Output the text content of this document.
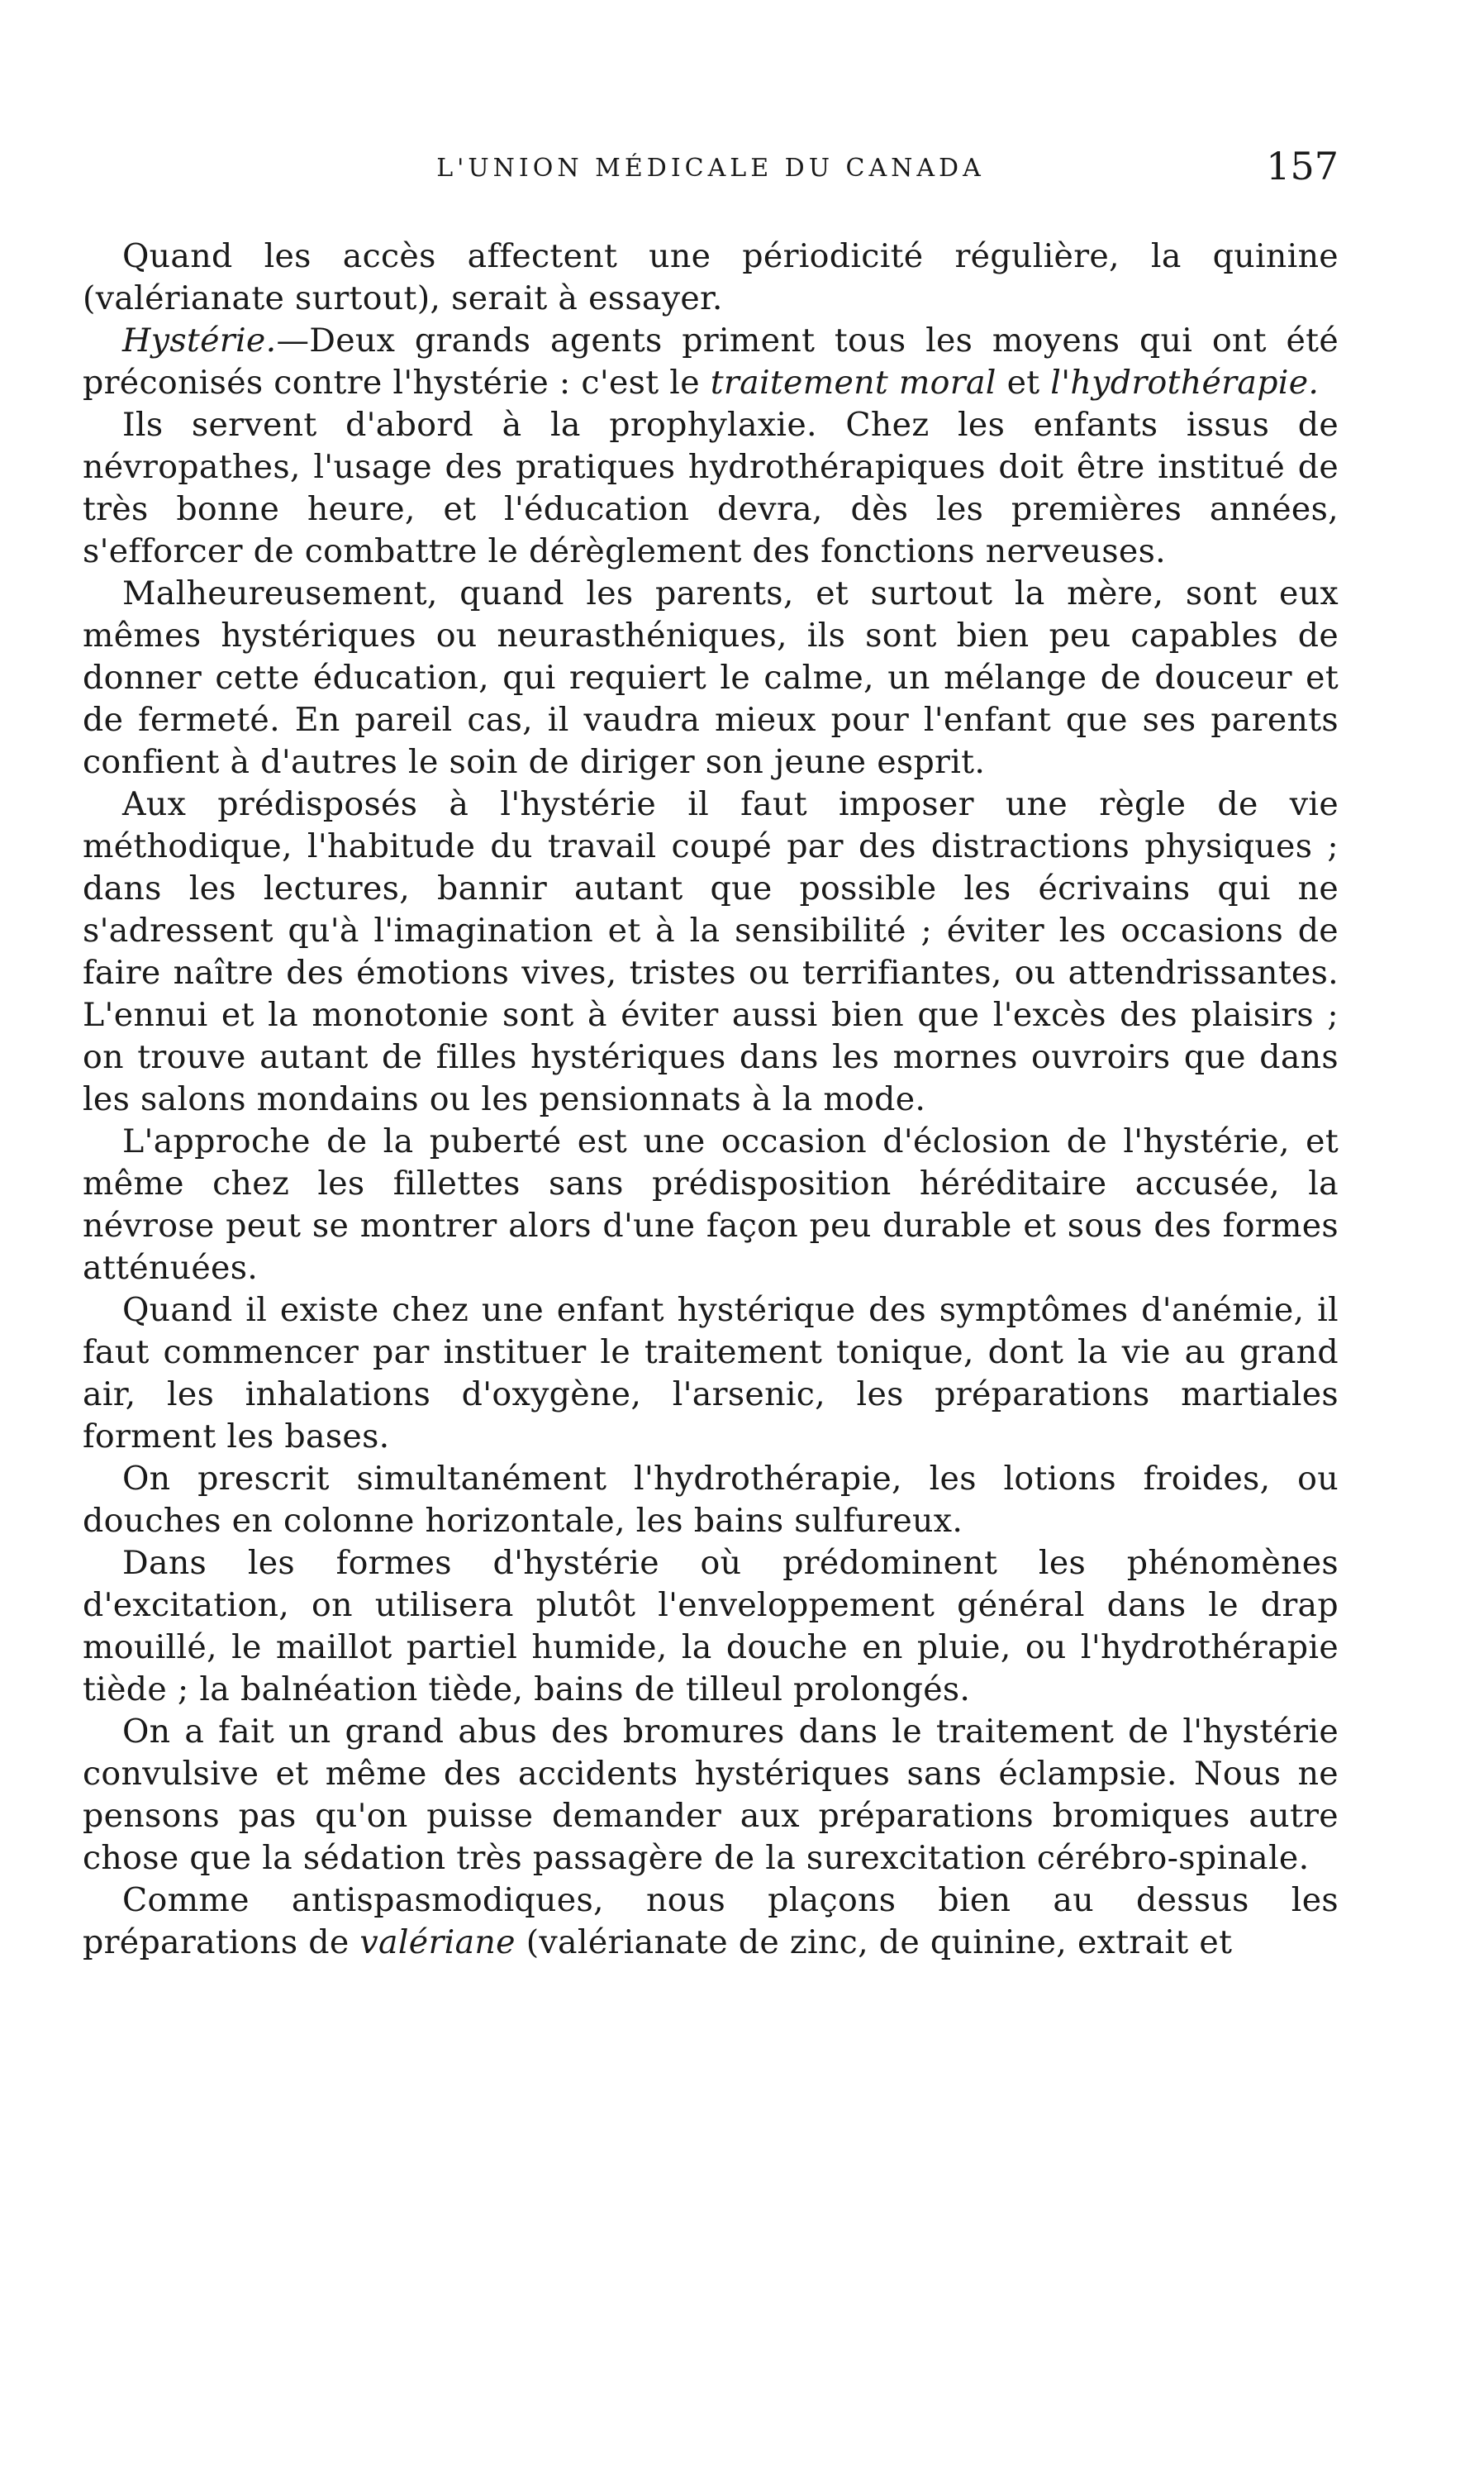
L'UNION MÉDICALE DU CANADA	157

Quand les accès affectent une périodicité régulière, la quinine (valérianate surtout), serait à essayer.

Hystérie.—Deux grands agents priment tous les moyens qui ont été préconisés contre l'hystérie : c'est le traitement moral et l'hydrothérapie.

Ils servent d'abord à la prophylaxie. Chez les enfants issus de névropathes, l'usage des pratiques hydrothérapiques doit être institué de très bonne heure, et l'éducation devra, dès les premières années, s'efforcer de combattre le dérèglement des fonctions nerveuses.

Malheureusement, quand les parents, et surtout la mère, sont eux mêmes hystériques ou neurasthéniques, ils sont bien peu capables de donner cette éducation, qui requiert le calme, un mélange de douceur et de fermeté. En pareil cas, il vaudra mieux pour l'enfant que ses parents confient à d'autres le soin de diriger son jeune esprit.

Aux prédisposés à l'hystérie il faut imposer une règle de vie méthodique, l'habitude du travail coupé par des distractions physiques ; dans les lectures, bannir autant que possible les écrivains qui ne s'adressent qu'à l'imagination et à la sensibilité ; éviter les occasions de faire naître des émotions vives, tristes ou terrifiantes, ou attendrissantes. L'ennui et la monotonie sont à éviter aussi bien que l'excès des plaisirs ; on trouve autant de filles hystériques dans les mornes ouvroirs que dans les salons mondains ou les pensionnats à la mode.

L'approche de la puberté est une occasion d'éclosion de l'hystérie, et même chez les fillettes sans prédisposition héréditaire accusée, la névrose peut se montrer alors d'une façon peu durable et sous des formes atténuées.

Quand il existe chez une enfant hystérique des symptômes d'anémie, il faut commencer par instituer le traitement tonique, dont la vie au grand air, les inhalations d'oxygène, l'arsenic, les préparations martiales forment les bases.

On prescrit simultanément l'hydrothérapie, les lotions froides, ou douches en colonne horizontale, les bains sulfureux.

Dans les formes d'hystérie où prédominent les phénomènes d'excitation, on utilisera plutôt l'enveloppement général dans le drap mouillé, le maillot partiel humide, la douche en pluie, ou l'hydrothérapie tiède ; la balnéation tiède, bains de tilleul prolongés.

On a fait un grand abus des bromures dans le traitement de l'hystérie convulsive et même des accidents hystériques sans éclampsie. Nous ne pensons pas qu'on puisse demander aux préparations bromiques autre chose que la sédation très passagère de la surexcitation cérébro-spinale.

Comme antispasmodiques, nous plaçons bien au dessus les préparations de valériane (valérianate de zinc, de quinine, extrait et
